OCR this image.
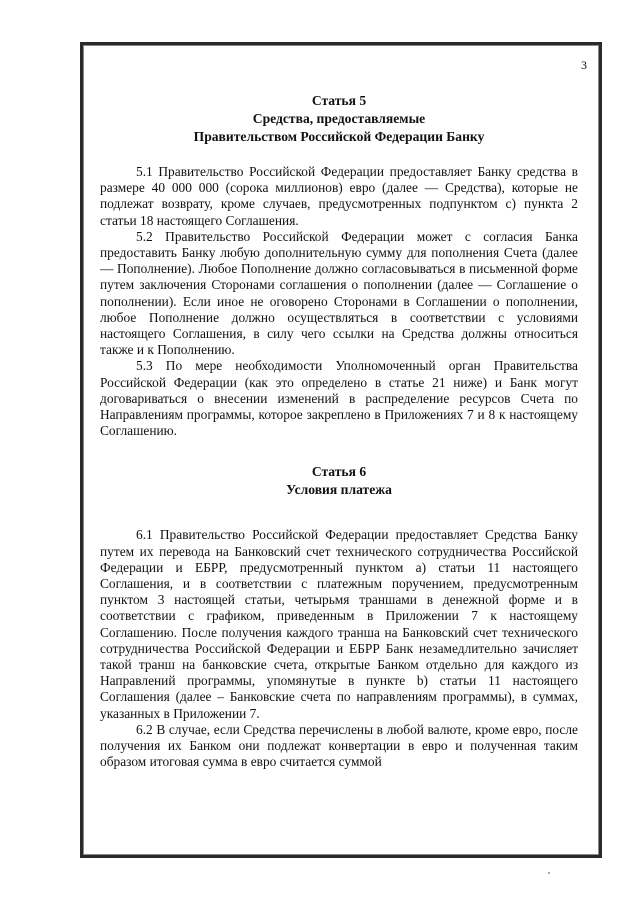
3
Статья 5
Средства, предоставляемые
Правительством Российской Федерации Банку

5.1 Правительство Российской Федерации предоставляет Банку средства в размере 40 000 000 (сорока миллионов) евро (далее — Средства), которые не подлежат возврату, кроме случаев, предусмотренных подпунктом c) пункта 2 статьи 18 настоящего Соглашения.

5.2 Правительство Российской Федерации может с согласия Банка предоставить Банку любую дополнительную сумму для пополнения Счета (далее — Пополнение). Любое Пополнение должно согласовываться в письменной форме путем заключения Сторонами соглашения о пополнении (далее — Соглашение о пополнении). Если иное не оговорено Сторонами в Соглашении о пополнении, любое Пополнение должно осуществляться в соответствии с условиями настоящего Соглашения, в силу чего ссылки на Средства должны относиться также и к Пополнению.

5.3 По мере необходимости Уполномоченный орган Правительства Российской Федерации (как это определено в статье 21 ниже) и Банк могут договариваться о внесении изменений в распределение ресурсов Счета по Направлениям программы, которое закреплено в Приложениях 7 и 8 к настоящему Соглашению.

Статья 6
Условия платежа

6.1 Правительство Российской Федерации предоставляет Средства Банку путем их перевода на Банковский счет технического сотрудничества Российской Федерации и ЕБРР, предусмотренный пунктом a) статьи 11 настоящего Соглашения, и в соответствии с платежным поручением, предусмотренным пунктом 3 настоящей статьи, четырьмя траншами в денежной форме и в соответствии с графиком, приведенным в Приложении 7 к настоящему Соглашению. После получения каждого транша на Банковский счет технического сотрудничества Российской Федерации и ЕБРР Банк незамедлительно зачисляет такой транш на банковские счета, открытые Банком отдельно для каждого из Направлений программы, упомянутые в пункте b) статьи 11 настоящего Соглашения (далее – Банковские счета по направлениям программы), в суммах, указанных в Приложении 7.

6.2 В случае, если Средства перечислены в любой валюте, кроме евро, после получения их Банком они подлежат конвертации в евро и полученная таким образом итоговая сумма в евро считается суммой
